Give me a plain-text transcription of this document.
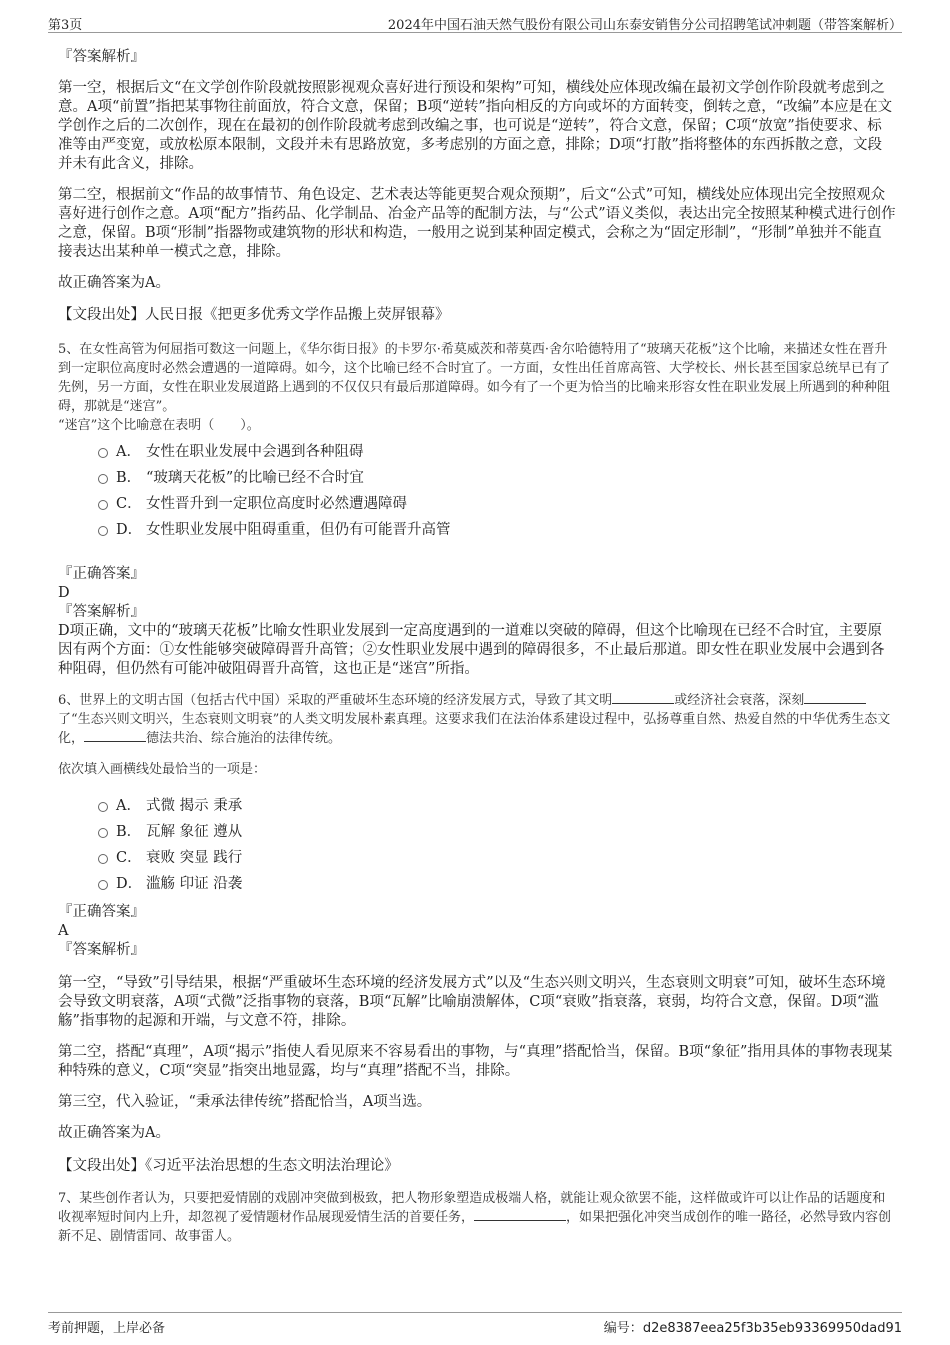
第3页	2024年中国石油天然气股份有限公司山东泰安销售分公司招聘笔试冲刺题（带答案解析）

『答案解析』

第一空，根据后文“在文学创作阶段就按照影视观众喜好进行预设和架构”可知，横线处应体现改编在最初文学创作阶段就考虑到之意。A项“前置”指把某事物往前面放，符合文意，保留；B项“逆转”指向相反的方向或坏的方面转变，倒转之意，“改编”本应是在文学创作之后的二次创作，现在在最初的创作阶段就考虑到改编之事，也可说是“逆转”，符合文意，保留；C项“放宽”指使要求、标准等由严变宽，或放松原本限制，文段并未有思路放宽，多考虑别的方面之意，排除；D项“打散”指将整体的东西拆散之意，文段并未有此含义，排除。

第二空，根据前文“作品的故事情节、角色设定、艺术表达等能更契合观众预期”，后文“公式”可知，横线处应体现出完全按照观众喜好进行创作之意。A项“配方”指药品、化学制品、冶金产品等的配制方法，与“公式”语义类似，表达出完全按照某种模式进行创作之意，保留。B项“形制”指器物或建筑物的形状和构造，一般用之说到某种固定模式，会称之为“固定形制”，“形制”单独并不能直接表达出某种单一模式之意，排除。

故正确答案为A。

【文段出处】人民日报《把更多优秀文学作品搬上荧屏银幕》

5、在女性高管为何屈指可数这一问题上，《华尔街日报》的卡罗尔·希莫威茨和蒂莫西·舍尔哈德特用了“玻璃天花板”这个比喻，来描述女性在晋升到一定职位高度时必然会遭遇的一道障碍。如今，这个比喻已经不合时宜了。一方面，女性出任首席高管、大学校长、州长甚至国家总统早已有了先例，另一方面，女性在职业发展道路上遇到的不仅仅只有最后那道障碍。如今有了一个更为恰当的比喻来形容女性在职业发展上所遇到的种种阻碍，那就是“迷宫”。

“迷宫”这个比喻意在表明（　　）。

A． 女性在职业发展中会遇到各种阻碍
B． “玻璃天花板”的比喻已经不合时宜
C． 女性晋升到一定职位高度时必然遭遇障碍
D． 女性职业发展中阻碍重重，但仍有可能晋升高管

『正确答案』

D

『答案解析』

D项正确，文中的“玻璃天花板”比喻女性职业发展到一定高度遇到的一道难以突破的障碍，但这个比喻现在已经不合时宜，主要原因有两个方面：①女性能够突破障碍晋升高管；②女性职业发展中遇到的障碍很多，不止最后那道。即女性在职业发展中会遇到各种阻碍，但仍然有可能冲破阻碍晋升高管，这也正是“迷宫”所指。

6、世界上的文明古国（包括古代中国）采取的严重破坏生态环境的经济发展方式，导致了其文明	或经济社会衰落，深刻了“生态兴则文明兴，生态衰则文明衰”的人类文明发展朴素真理。这要求我们在法治体系建设过程中，弘扬尊重自然、热爱自然的中华优秀生态文化，	德法共治、综合施治的法律传统。

依次填入画横线处最恰当的一项是：

A． 式微 揭示 秉承
B． 瓦解 象征 遵从
C． 衰败 突显 践行
D． 滥觞 印证 沿袭

『正确答案』

A

『答案解析』

第一空，“导致”引导结果，根据“严重破坏生态环境的经济发展方式”以及“生态兴则文明兴，生态衰则文明衰”可知，破坏生态环境会导致文明衰落，A项“式微”泛指事物的衰落，B项“瓦解”比喻崩溃解体，C项“衰败”指衰落，衰弱，均符合文意，保留。D项“滥觞”指事物的起源和开端，与文意不符，排除。

第二空，搭配“真理”，A项“揭示”指使人看见原来不容易看出的事物，与“真理”搭配恰当，保留。B项“象征”指用具体的事物表现某种特殊的意义，C项“突显”指突出地显露，均与“真理”搭配不当，排除。

第三空，代入验证，“秉承法律传统”搭配恰当，A项当选。

故正确答案为A。

【文段出处】《习近平法治思想的生态文明法治理论》

7、某些创作者认为，只要把爱情剧的戏剧冲突做到极致，把人物形象塑造成极端人格，就能让观众欲罢不能，这样做或许可以让作品的话题度和收视率短时间内上升，却忽视了爱情题材作品展现爱情生活的首要任务，	，如果把强化冲突当成创作的唯一路径，必然导致内容创新不足、剧情雷同、故事雷人。

考前押题，上岸必备	编号：d2e8387eea25f3b35eb93369950dad91
